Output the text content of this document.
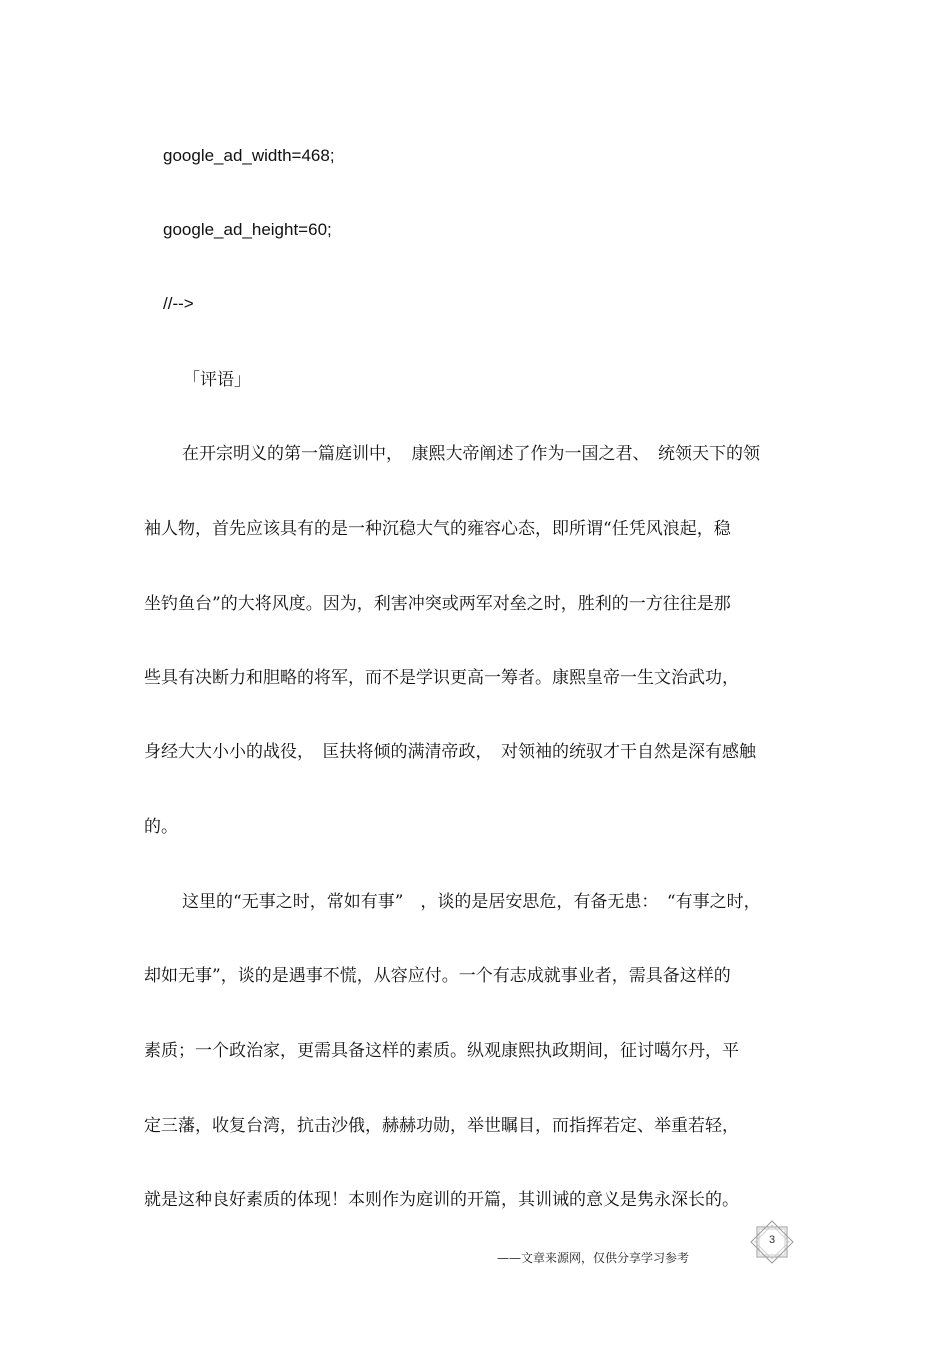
google_ad_width=468;
google_ad_height=60;
//-->
「评语」
在开宗明义的第一篇庭训中，　康熙大帝阐述了作为一国之君、　统领天下的领
袖人物，首先应该具有的是一种沉稳大气的雍容心态，即所谓“任凭风浪起，稳
坐钓鱼台”的大将风度。因为，利害冲突或两军对垒之时，胜利的一方往往是那
些具有决断力和胆略的将军，而不是学识更高一筹者。康熙皇帝一生文治武功，
身经大大小小的战役，　匡扶将倾的满清帝政，　对领袖的统驭才干自然是深有感触
的。
这里的“无事之时，常如有事”　，谈的是居安思危，有备无患：　“有事之时，
却如无事”，谈的是遇事不慌，从容应付。一个有志成就事业者，需具备这样的
素质；一个政治家，更需具备这样的素质。纵观康熙执政期间，征讨噶尔丹，平
定三藩，收复台湾，抗击沙俄，赫赫功勋，举世瞩目，而指挥若定、举重若轻，
就是这种良好素质的体现！本则作为庭训的开篇，其训诫的意义是隽永深长的。
3
——文章来源网，仅供分享学习参考
